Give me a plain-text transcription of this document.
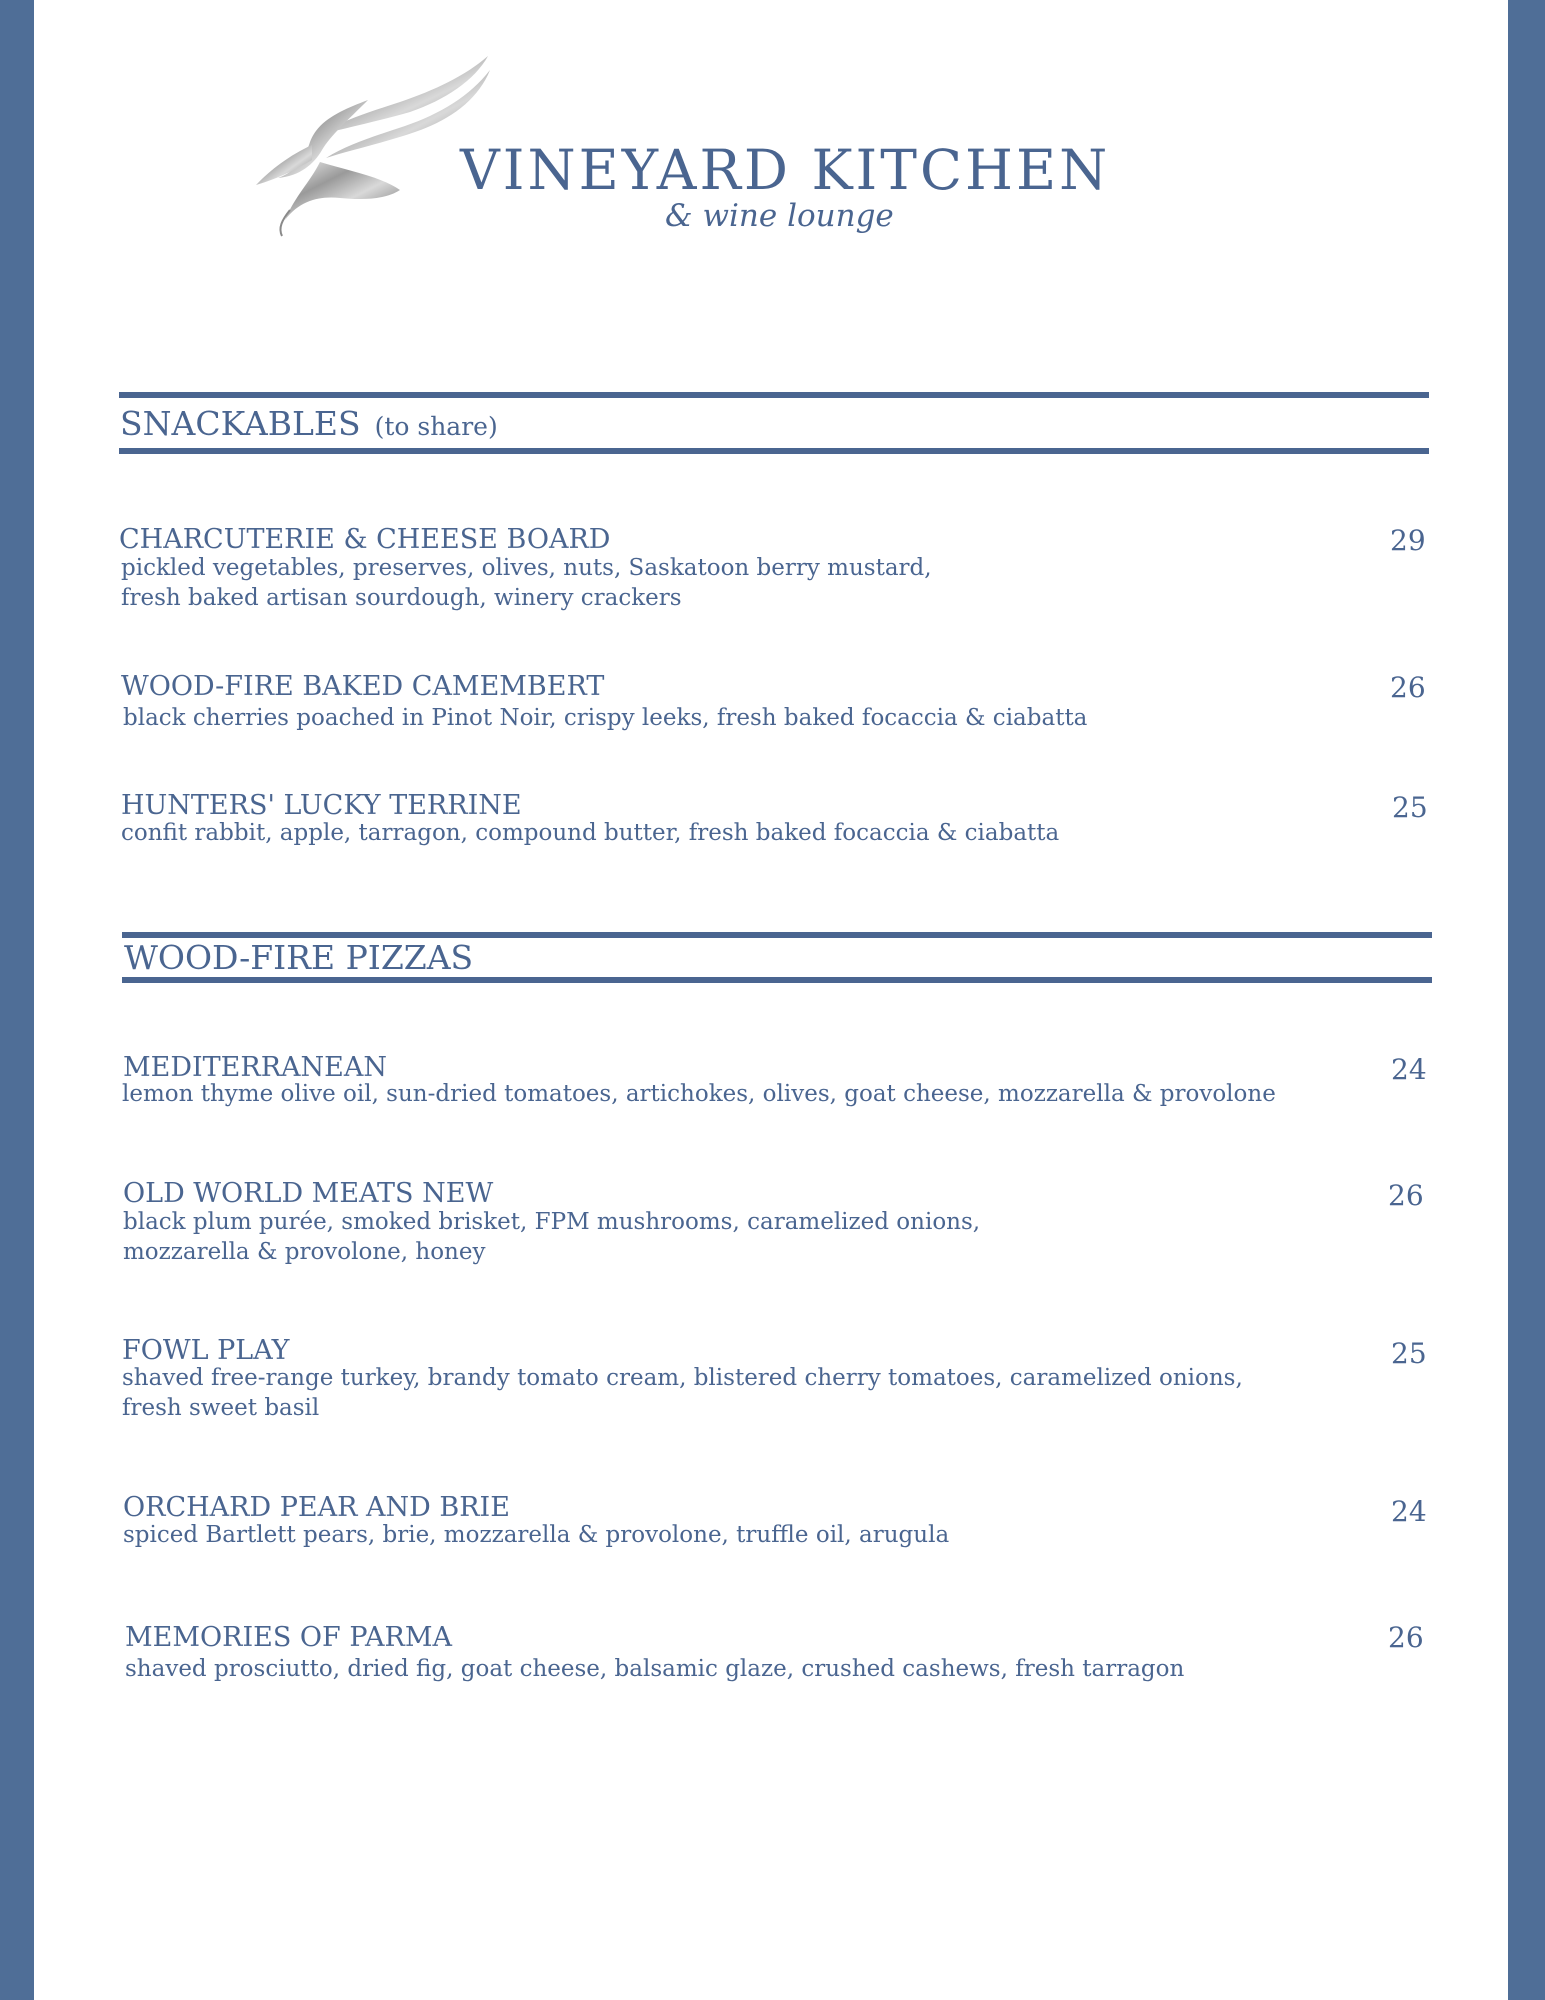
VINEYARD KITCHEN
& wine lounge
SNACKABLES (to share)
CHARCUTERIE & CHEESE BOARD
pickled vegetables, preserves, olives, nuts, Saskatoon berry mustard,
fresh baked artisan sourdough, winery crackers
29
WOOD-FIRE BAKED CAMEMBERT
black cherries poached in Pinot Noir, crispy leeks, fresh baked focaccia & ciabatta
26
HUNTERS' LUCKY TERRINE
confit rabbit, apple, tarragon, compound butter, fresh baked focaccia & ciabatta
25
WOOD-FIRE PIZZAS
MEDITERRANEAN
lemon thyme olive oil, sun-dried tomatoes, artichokes, olives, goat cheese, mozzarella & provolone
24
OLD WORLD MEATS NEW
black plum purée, smoked brisket, FPM mushrooms, caramelized onions,
mozzarella & provolone, honey
26
FOWL PLAY
shaved free-range turkey, brandy tomato cream, blistered cherry tomatoes, caramelized onions,
fresh sweet basil
25
ORCHARD PEAR AND BRIE
spiced Bartlett pears, brie, mozzarella & provolone, truffle oil, arugula
24
MEMORIES OF PARMA
shaved prosciutto, dried fig, goat cheese, balsamic glaze, crushed cashews, fresh tarragon
26
